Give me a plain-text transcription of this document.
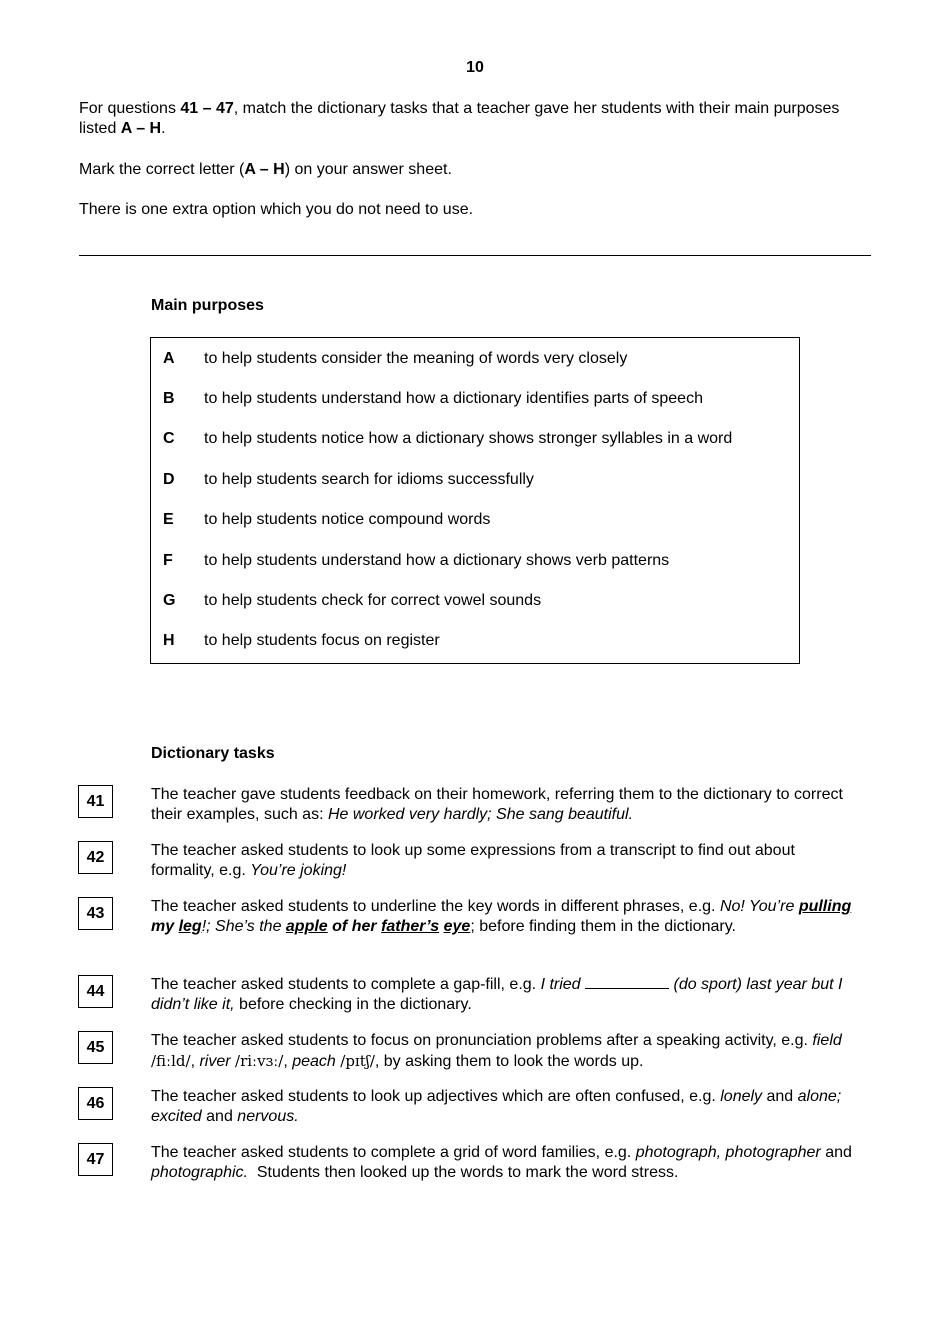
10
For questions 41 – 47, match the dictionary tasks that a teacher gave her students with their main purposes listed A – H.
Mark the correct letter (A – H) on your answer sheet.
There is one extra option which you do not need to use.
Main purposes
A to help students consider the meaning of words very closely
B to help students understand how a dictionary identifies parts of speech
C to help students notice how a dictionary shows stronger syllables in a word
D to help students search for idioms successfully
E to help students notice compound words
F to help students understand how a dictionary shows verb patterns
G to help students check for correct vowel sounds
H to help students focus on register
Dictionary tasks
41	The teacher gave students feedback on their homework, referring them to the dictionary to correct their examples, such as: He worked very hardly; She sang beautiful.
42	The teacher asked students to look up some expressions from a transcript to find out about formality, e.g. You’re joking!
43	The teacher asked students to underline the key words in different phrases, e.g. No! You’re pulling my leg!; She’s the apple of her father’s eye; before finding them in the dictionary.
44	The teacher asked students to complete a gap-fill, e.g. I tried	(do sport) last year but I didn’t like it, before checking in the dictionary.
45	The teacher asked students to focus on pronunciation problems after a speaking activity, e.g. field /fiːld/, river /riːvɜː/, peach /pɪtʃ/, by asking them to look the words up.
46	The teacher asked students to look up adjectives which are often confused, e.g. lonely and alone; excited and nervous.
47	The teacher asked students to complete a grid of word families, e.g. photograph, photographer and photographic.  Students then looked up the words to mark the word stress.
